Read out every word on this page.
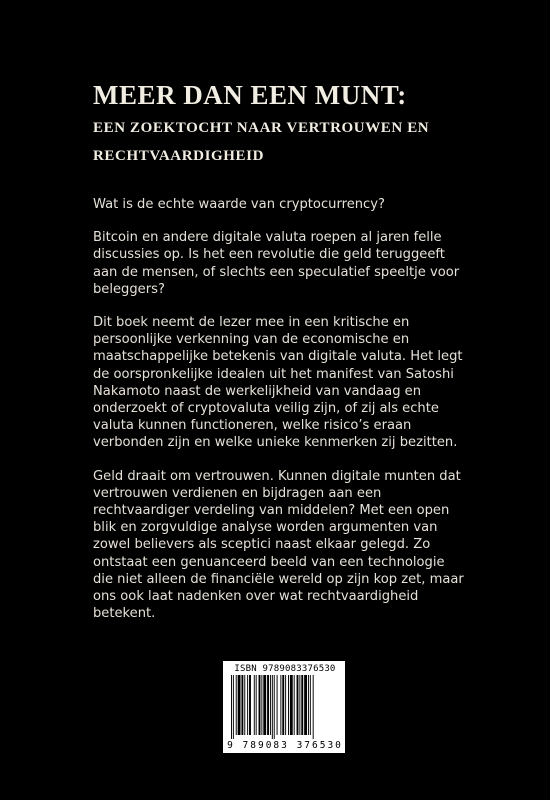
MEER DAN EEN MUNT:
EEN ZOEKTOCHT NAAR VERTROUWEN EN RECHTVAARDIGHEID

Wat is de echte waarde van cryptocurrency?

Bitcoin en andere digitale valuta roepen al jaren felle discussies op. Is het een revolutie die geld teruggeeft aan de mensen, of slechts een speculatief speeltje voor beleggers?

Dit boek neemt de lezer mee in een kritische en persoonlijke verkenning van de economische en maatschappelijke betekenis van digitale valuta. Het legt de oorspronkelijke idealen uit het manifest van Satoshi Nakamoto naast de werkelijkheid van vandaag en onderzoekt of cryptovaluta veilig zijn, of zij als echte valuta kunnen functioneren, welke risico’s eraan verbonden zijn en welke unieke kenmerken zij bezitten.

Geld draait om vertrouwen. Kunnen digitale munten dat vertrouwen verdienen en bijdragen aan een rechtvaardiger verdeling van middelen? Met een open blik en zorgvuldige analyse worden argumenten van zowel believers als sceptici naast elkaar gelegd. Zo ontstaat een genuanceerd beeld van een technologie die niet alleen de financiële wereld op zijn kop zet, maar ons ook laat nadenken over wat rechtvaardigheid betekent.

ISBN 9789083376530
9 789083 376530
